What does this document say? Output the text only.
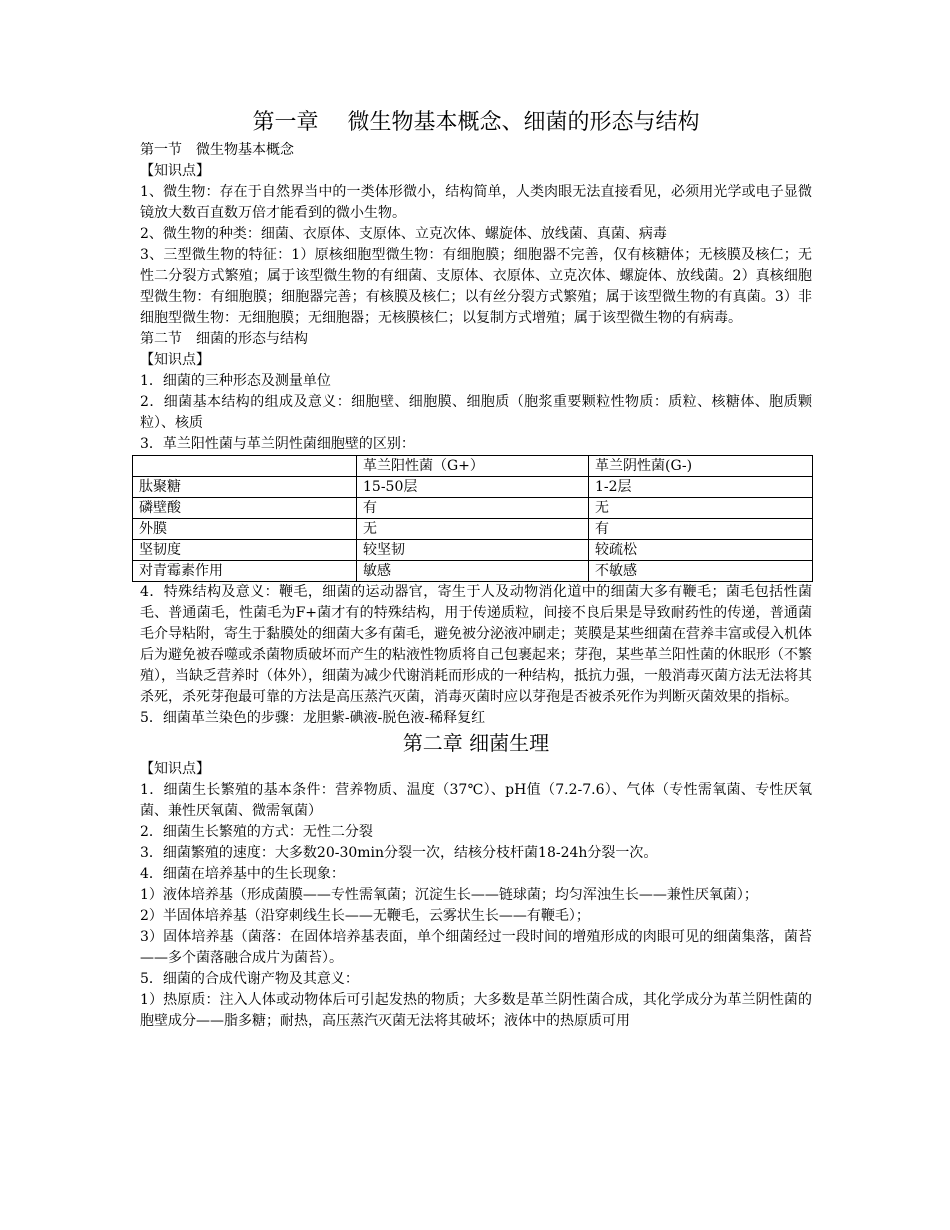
第一章　 微生物基本概念、细菌的形态与结构

第一节　微生物基本概念

【知识点】

1、微生物：存在于自然界当中的一类体形微小，结构简单，人类肉眼无法直接看见，必须用光学或电子显微镜放大数百直数万倍才能看到的微小生物。

2、微生物的种类：细菌、衣原体、支原体、立克次体、螺旋体、放线菌、真菌、病毒

3、三型微生物的特征：1）原核细胞型微生物：有细胞膜；细胞器不完善，仅有核糖体；无核膜及核仁；无性二分裂方式繁殖；属于该型微生物的有细菌、支原体、衣原体、立克次体、螺旋体、放线菌。2）真核细胞型微生物：有细胞膜；细胞器完善；有核膜及核仁；以有丝分裂方式繁殖；属于该型微生物的有真菌。3）非细胞型微生物：无细胞膜；无细胞器；无核膜核仁；以复制方式增殖；属于该型微生物的有病毒。

第二节　细菌的形态与结构

【知识点】

1．细菌的三种形态及测量单位

2．细菌基本结构的组成及意义：细胞壁、细胞膜、细胞质（胞浆重要颗粒性物质：质粒、核糖体、胞质颗粒）、核质

3．革兰阳性菌与革兰阴性菌细胞壁的区别：

	革兰阳性菌（G+）	革兰阴性菌(G-)
肽聚糖	15-50层	1-2层
磷壁酸	有	无
外膜	无	有
坚韧度	较坚韧	较疏松
对青霉素作用	敏感	不敏感

4．特殊结构及意义：鞭毛，细菌的运动器官，寄生于人及动物消化道中的细菌大多有鞭毛；菌毛包括性菌毛、普通菌毛，性菌毛为F+菌才有的特殊结构，用于传递质粒，间接不良后果是导致耐药性的传递，普通菌毛介导粘附，寄生于黏膜处的细菌大多有菌毛，避免被分泌液冲刷走；荚膜是某些细菌在营养丰富或侵入机体后为避免被吞噬或杀菌物质破坏而产生的粘液性物质将自己包裹起来；芽孢，某些革兰阳性菌的休眠形（不繁殖），当缺乏营养时（体外），细菌为减少代谢消耗而形成的一种结构，抵抗力强，一般消毒灭菌方法无法将其杀死，杀死芽孢最可靠的方法是高压蒸汽灭菌，消毒灭菌时应以芽孢是否被杀死作为判断灭菌效果的指标。

5．细菌革兰染色的步骤：龙胆紫-碘液-脱色液-稀释复红

第二章 细菌生理

【知识点】

1．细菌生长繁殖的基本条件：营养物质、温度（37℃）、pH值（7.2-7.6）、气体（专性需氧菌、专性厌氧菌、兼性厌氧菌、微需氧菌）

2．细菌生长繁殖的方式：无性二分裂

3．细菌繁殖的速度：大多数20-30min分裂一次，结核分枝杆菌18-24h分裂一次。

4．细菌在培养基中的生长现象：

1）液体培养基（形成菌膜——专性需氧菌；沉淀生长——链球菌；均匀浑浊生长——兼性厌氧菌）；

2）半固体培养基（沿穿刺线生长——无鞭毛，云雾状生长——有鞭毛）；

3）固体培养基（菌落：在固体培养基表面，单个细菌经过一段时间的增殖形成的肉眼可见的细菌集落，菌苔——多个菌落融合成片为菌苔）。

5．细菌的合成代谢产物及其意义：

1）热原质：注入人体或动物体后可引起发热的物质；大多数是革兰阴性菌合成，其化学成分为革兰阴性菌的胞壁成分——脂多糖；耐热，高压蒸汽灭菌无法将其破坏；液体中的热原质可用
